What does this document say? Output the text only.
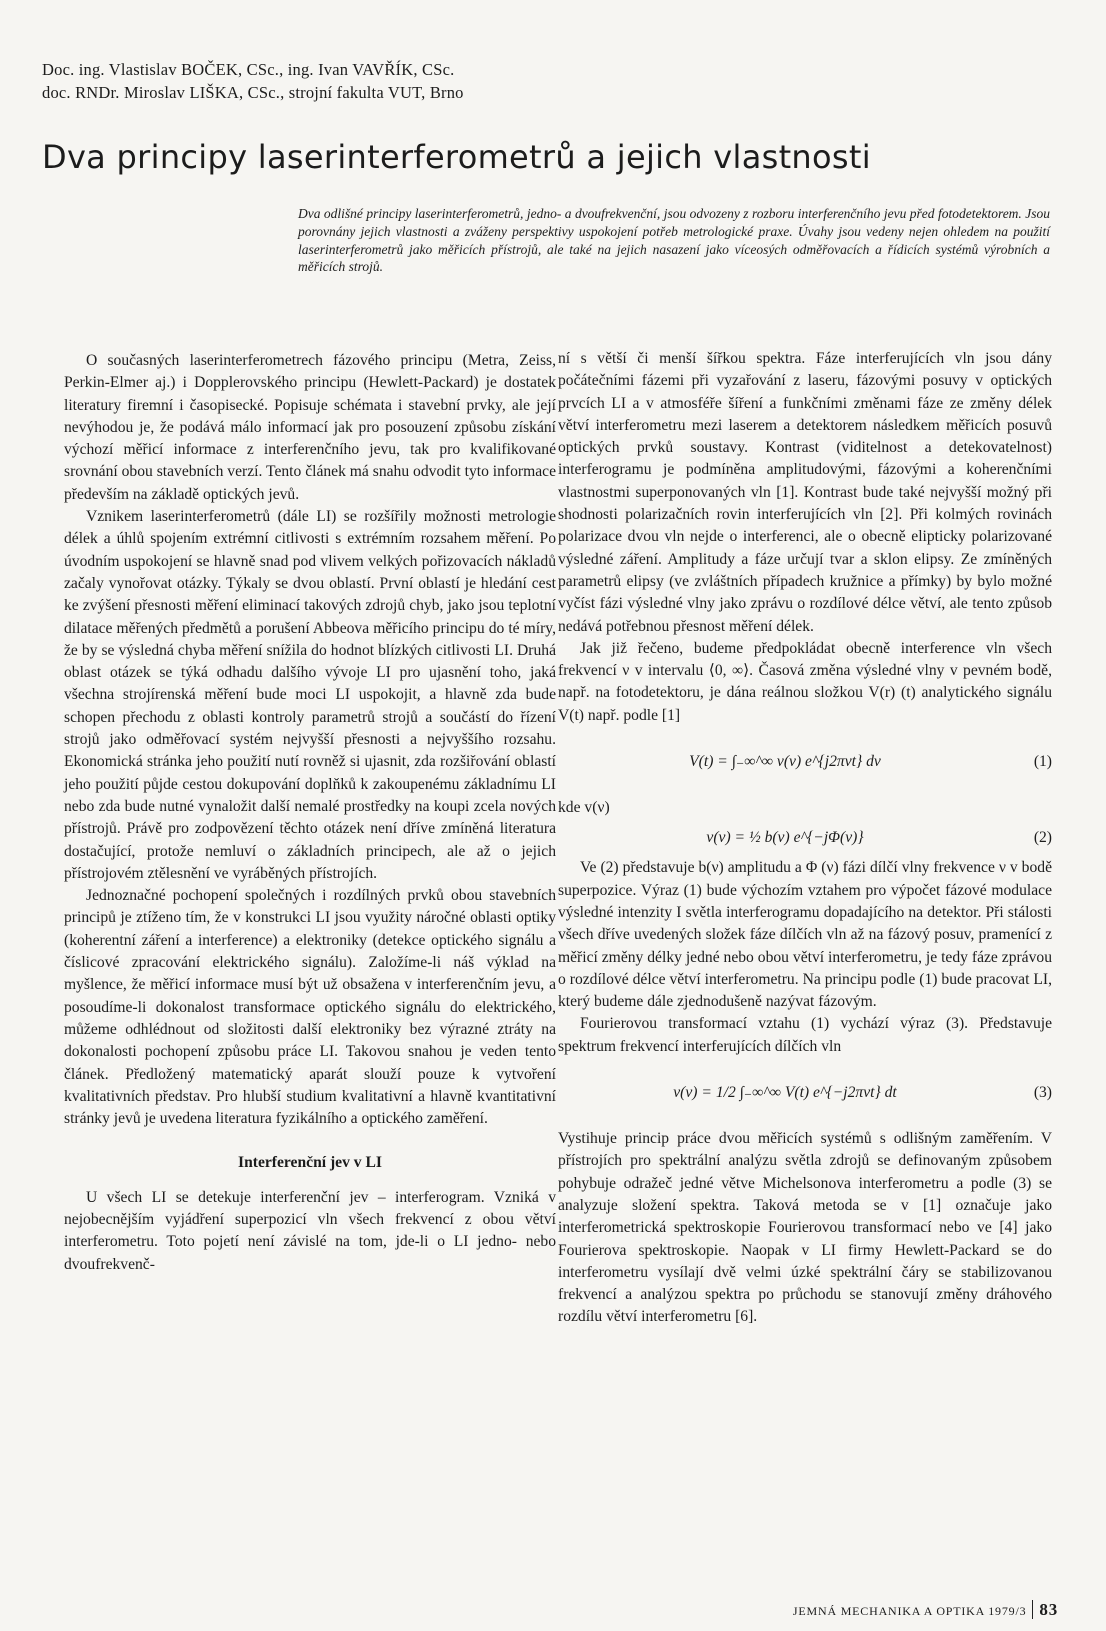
Doc. ing. Vlastislav BOČEK, CSc., ing. Ivan VAVŘÍK, CSc.
doc. RNDr. Miroslav LIŠKA, CSc., strojní fakulta VUT, Brno
Dva principy laserinterferometrů a jejich vlastnosti

Dva odlišné principy laserinterferometrů, jedno- a dvoufrekvenční, jsou odvozeny z rozboru interferenčního jevu před fotodetektorem. Jsou porovnány jejich vlastnosti a zváženy perspektivy uspokojení potřeb metrologické praxe. Úvahy jsou vedeny nejen ohledem na použití laserinterferometrů jako měřicích přístrojů, ale také na jejich nasazení jako víceosých odměřovacích a řídicích systémů výrobních a měřicích strojů.

O současných laserinterferometrech fázového principu (Metra, Zeiss, Perkin-Elmer aj.) i Dopplerovského principu (Hewlett-Packard) je dostatek literatury firemní i časopisecké. Popisuje schémata i stavební prvky, ale její nevýhodou je, že podává málo informací jak pro posouzení způsobu získání výchozí měřicí informace z interferenčního jevu, tak pro kvalifikované srovnání obou stavebních verzí. Tento článek má snahu odvodit tyto informace především na základě optických jevů.

Vznikem laserinterferometrů (dále LI) se rozšířily možnosti metrologie délek a úhlů spojením extrémní citlivosti s extrémním rozsahem měření. Po úvodním uspokojení se hlavně snad pod vlivem velkých pořizovacích nákladů začaly vynořovat otázky. Týkaly se dvou oblastí. První oblastí je hledání cest ke zvýšení přesnosti měření eliminací takových zdrojů chyb, jako jsou teplotní dilatace měřených předmětů a porušení Abbeova měřicího principu do té míry, že by se výsledná chyba měření snížila do hodnot blízkých citlivosti LI. Druhá oblast otázek se týká odhadu dalšího vývoje LI pro ujasnění toho, jaká všechna strojírenská měření bude moci LI uspokojit, a hlavně zda bude schopen přechodu z oblasti kontroly parametrů strojů a součástí do řízení strojů jako odměřovací systém nejvyšší přesnosti a nejvyššího rozsahu. Ekonomická stránka jeho použití nutí rovněž si ujasnit, zda rozšiřování oblastí jeho použití půjde cestou dokupování doplňků k zakoupenému základnímu LI nebo zda bude nutné vynaložit další nemalé prostředky na koupi zcela nových přístrojů. Právě pro zodpovězení těchto otázek není dříve zmíněná literatura dostačující, protože nemluví o základních principech, ale až o jejich přístrojovém ztělesnění ve vyráběných přístrojích.

Jednoznačné pochopení společných i rozdílných prvků obou stavebních principů je ztíženo tím, že v konstrukci LI jsou využity náročné oblasti optiky (koherentní záření a interference) a elektroniky (detekce optického signálu a číslicové zpracování elektrického signálu). Založíme-li náš výklad na myšlence, že měřicí informace musí být už obsažena v interferenčním jevu, a posoudíme-li dokonalost transformace optického signálu do elektrického, můžeme odhlédnout od složitosti další elektroniky bez výrazné ztráty na dokonalosti pochopení způsobu práce LI. Takovou snahou je veden tento článek. Předložený matematický aparát slouží pouze k vytvoření kvalitativních představ. Pro hlubší studium kvalitativní a hlavně kvantitativní stránky jevů je uvedena literatura fyzikálního a optického zaměření.

Interferenční jev v LI

U všech LI se detekuje interferenční jev – interferogram. Vzniká v nejobecnějším vyjádření superpozicí vln všech frekvencí z obou větví interferometru. Toto pojetí není závislé na tom, jde-li o LI jedno- nebo dvoufrekvenč-

ní s větší či menší šířkou spektra. Fáze interferujících vln jsou dány počátečními fázemi při vyzařování z laseru, fázovými posuvy v optických prvcích LI a v atmosféře šíření a funkčními změnami fáze ze změny délek větví interferometru mezi laserem a detektorem následkem měřicích posuvů optických prvků soustavy. Kontrast (viditelnost a detekovatelnost) interferogramu je podmíněna amplitudovými, fázovými a koherenčními vlastnostmi superponovaných vln [1]. Kontrast bude také nejvyšší možný při shodnosti polarizačních rovin interferujících vln [2]. Při kolmých rovinách polarizace dvou vln nejde o interferenci, ale o obecně elipticky polarizované výsledné záření. Amplitudy a fáze určují tvar a sklon elipsy. Ze zmíněných parametrů elipsy (ve zvláštních případech kružnice a přímky) by bylo možné vyčíst fázi výsledné vlny jako zprávu o rozdílové délce větví, ale tento způsob nedává potřebnou přesnost měření délek.

Jak již řečeno, budeme předpokládat obecně interference vln všech frekvencí ν v intervalu ⟨0, ∞⟩. Časová změna výsledné vlny v pevném bodě, např. na fotodetektoru, je dána reálnou složkou V(r) (t) analytického signálu V(t) např. podle [1]

V(t) = ∫₋∞^∞ v(ν) e^{j2πνt} dν	(1)

kde v(ν)

v(ν) = ½ b(ν) e^{−jΦ(ν)}	(2)

Ve (2) představuje b(ν) amplitudu a Φ (ν) fázi dílčí vlny frekvence ν v bodě superpozice. Výraz (1) bude výchozím vztahem pro výpočet fázové modulace výsledné intenzity I světla interferogramu dopadajícího na detektor. Při stálosti všech dříve uvedených složek fáze dílčích vln až na fázový posuv, pramenící z měřicí změny délky jedné nebo obou větví interferometru, je tedy fáze zprávou o rozdílové délce větví interferometru. Na principu podle (1) bude pracovat LI, který budeme dále zjednodušeně nazývat fázovým.

Fourierovou transformací vztahu (1) vychází výraz (3). Představuje spektrum frekvencí interferujících dílčích vln

v(ν) = 1/2 ∫₋∞^∞ V(t) e^{−j2πνt} dt	(3)

Vystihuje princip práce dvou měřicích systémů s odlišným zaměřením. V přístrojích pro spektrální analýzu světla zdrojů se definovaným způsobem pohybuje odražeč jedné větve Michelsonova interferometru a podle (3) se analyzuje složení spektra. Taková metoda se v [1] označuje jako interferometrická spektroskopie Fourierovou transformací nebo ve [4] jako Fourierova spektroskopie. Naopak v LI firmy Hewlett-Packard se do interferometru vysílají dvě velmi úzké spektrální čáry se stabilizovanou frekvencí a analýzou spektra po průchodu se stanovují změny dráhového rozdílu větví interferometru [6].

JEMNÁ MECHANIKA A OPTIKA 1979/3 83
